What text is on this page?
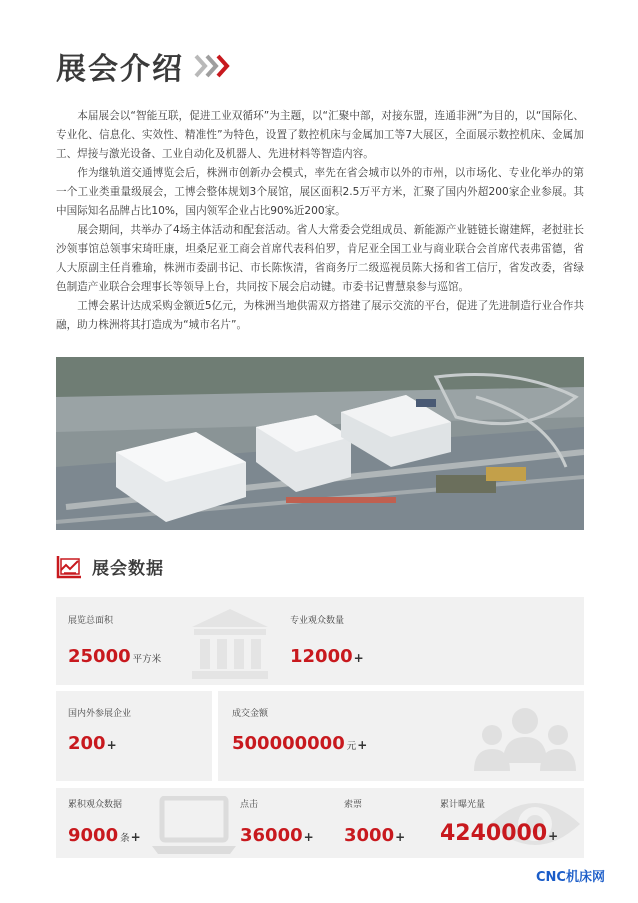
展会介绍

本届展会以“智能互联，促进工业双循环”为主题，以“汇聚中部，对接东盟，连通非洲”为目的，以“国际化、专业化、信息化、实效性、精准性”为特色，设置了数控机床与金属加工等7大展区，全面展示数控机床、金属加工、焊接与激光设备、工业自动化及机器人、先进材料等智造内容。

作为继轨道交通博览会后，株洲市创新办会模式，率先在省会城市以外的市州，以市场化、专业化举办的第一个工业类重量级展会，工博会整体规划3个展馆，展区面积2.5万平方米，汇聚了国内外超200家企业参展。其中国际知名品牌占比10%，国内领军企业占比90%近200家。

展会期间，共举办了4场主体活动和配套活动。省人大常委会党组成员、新能源产业链链长谢建辉，老挝驻长沙领事馆总领事宋琦旺康，坦桑尼亚工商会首席代表科伯罗，肯尼亚全国工业与商业联合会首席代表弗雷德，省人大原副主任肖雅瑜，株洲市委副书记、市长陈恢清，省商务厅二级巡视员陈大扬和省工信厅，省发改委，省绿色制造产业联合会理事长等领导上台，共同按下展会启动键。市委书记曹慧泉参与巡馆。

工博会累计达成采购金额近5亿元，为株洲当地供需双方搭建了展示交流的平台，促进了先进制造行业合作共融，助力株洲将其打造成为“城市名片”。

展会数据
展览总面积
25000 平方米
专业观众数量
12000+
国内外参展企业
200+
成交金额
500000000 元+
累积观众数据
9000 条+
点击
36000+
索票
3000+
累计曝光量
4240000+
CNC机床网
